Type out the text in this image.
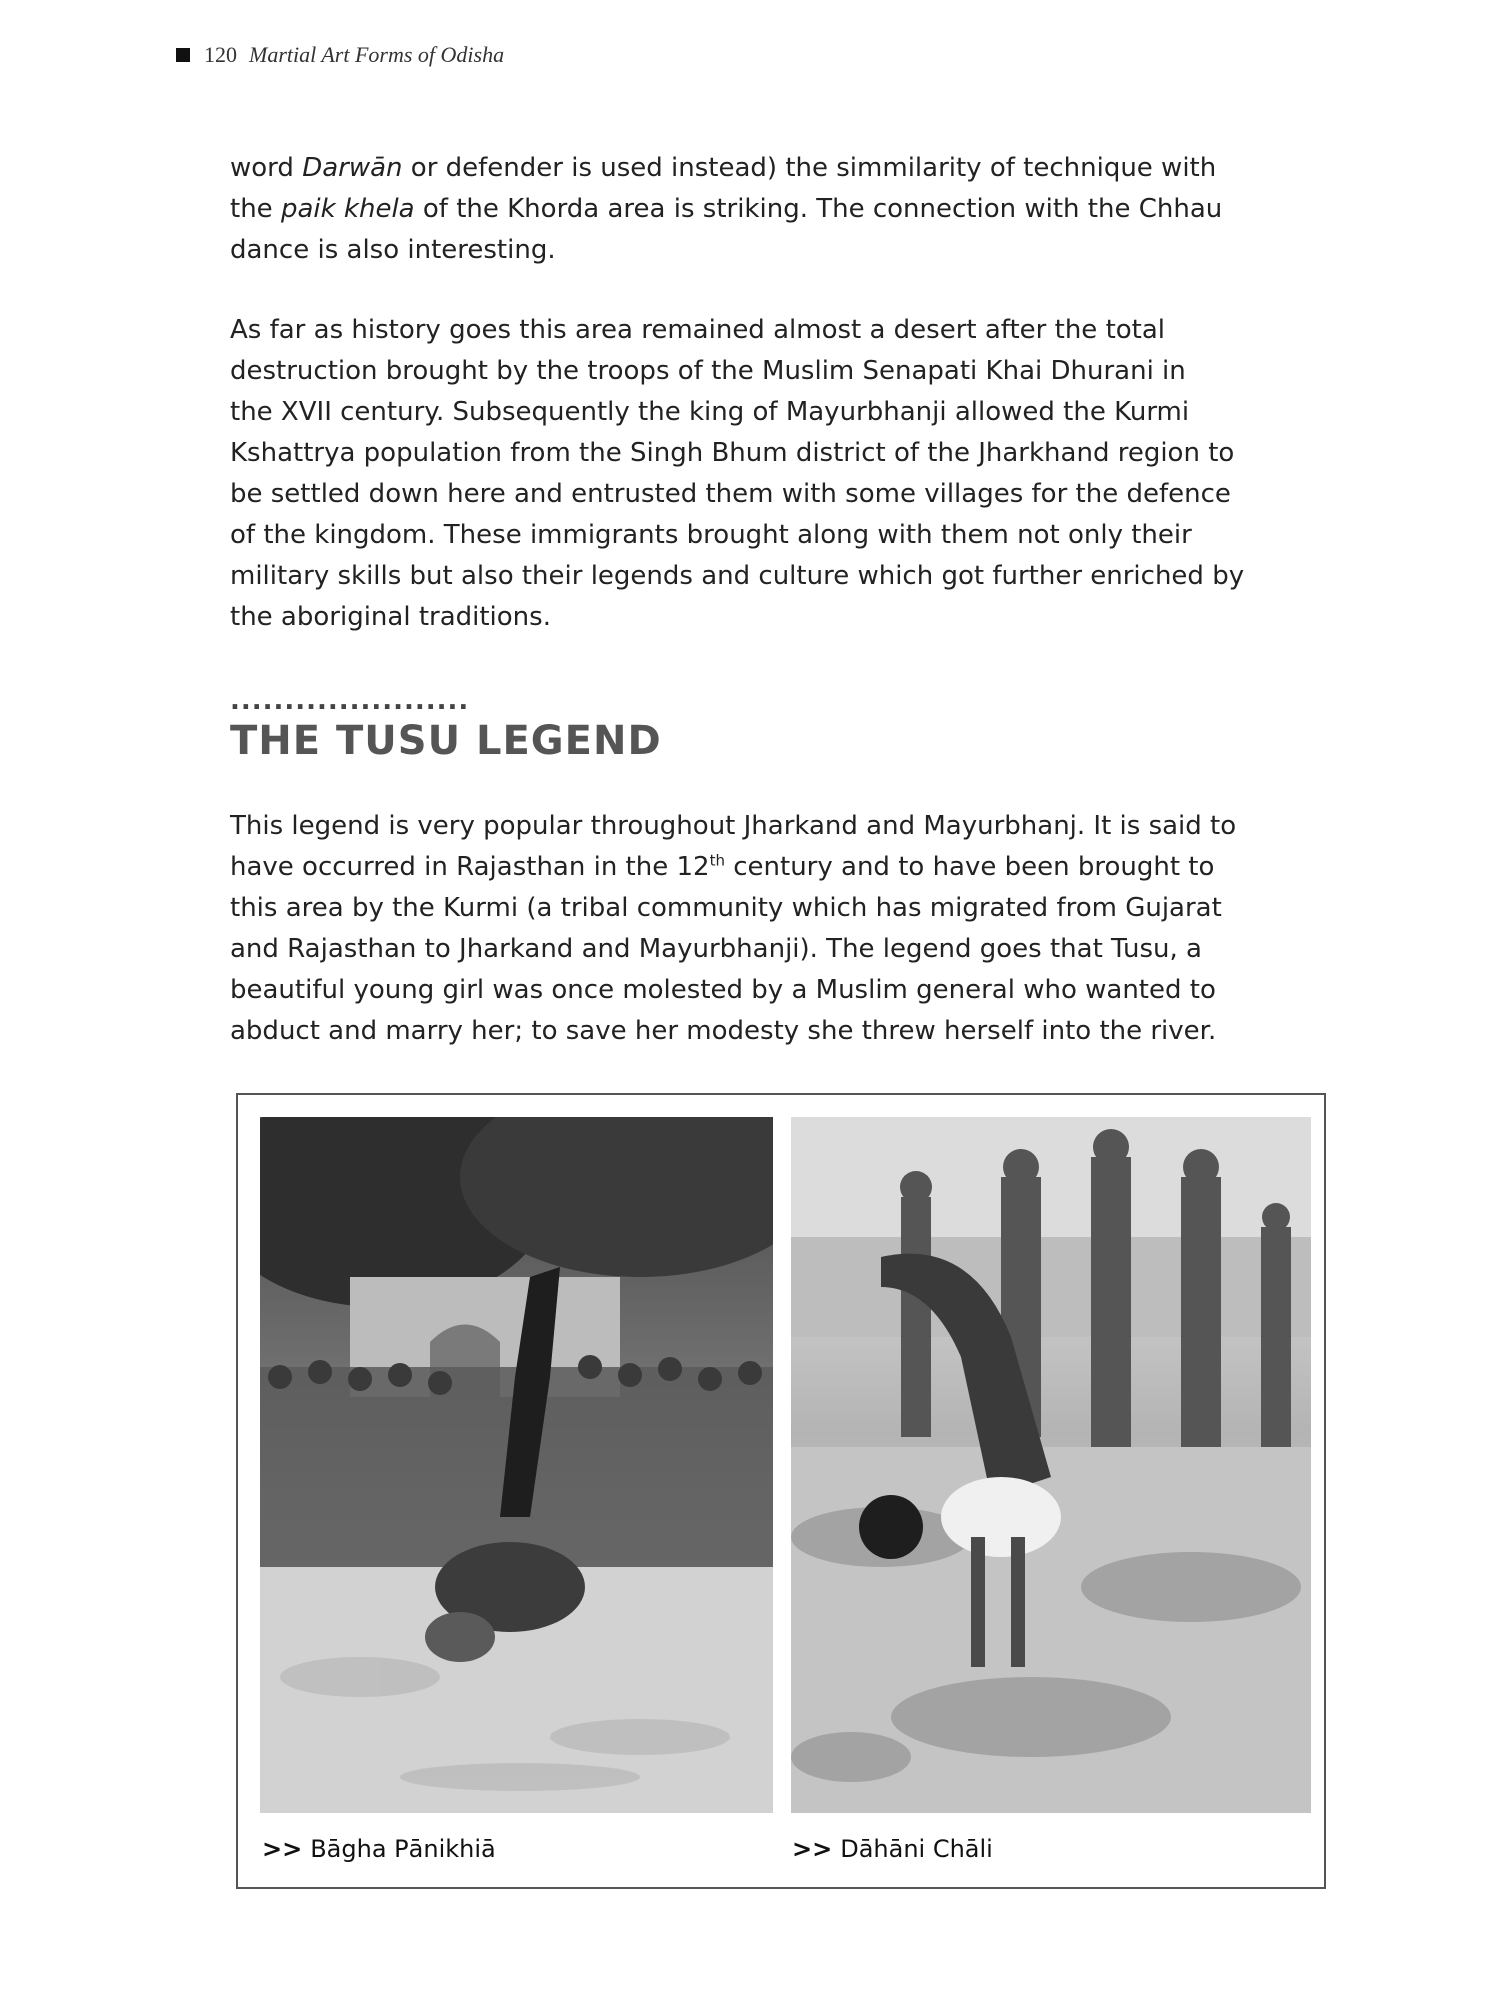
120 Martial Art Forms of Odisha

word Darwān or defender is used instead) the simmilarity of technique with
the paik khela of the Khorda area is striking. The connection with the Chhau
dance is also interesting.

As far as history goes this area remained almost a desert after the total
destruction brought by the troops of the Muslim Senapati Khai Dhurani in
the XVII century. Subsequently the king of Mayurbhanji allowed the Kurmi
Kshattrya population from the Singh Bhum district of the Jharkhand region to
be settled down here and entrusted them with some villages for the defence
of the kingdom. These immigrants brought along with them not only their
military skills but also their legends and culture which got further enriched by
the aboriginal traditions.

......................
THE TUSU LEGEND

This legend is very popular throughout Jharkand and Mayurbhanj. It is said to
have occurred in Rajasthan in the 12th century and to have been brought to
this area by the Kurmi (a tribal community which has migrated from Gujarat
and Rajasthan to Jharkand and Mayurbhanji). The legend goes that Tusu, a
beautiful young girl was once molested by a Muslim general who wanted to
abduct and marry her; to save her modesty she threw herself into the river.

>> Bāgha Pānikhiā	>> Dāhāni Chāli
